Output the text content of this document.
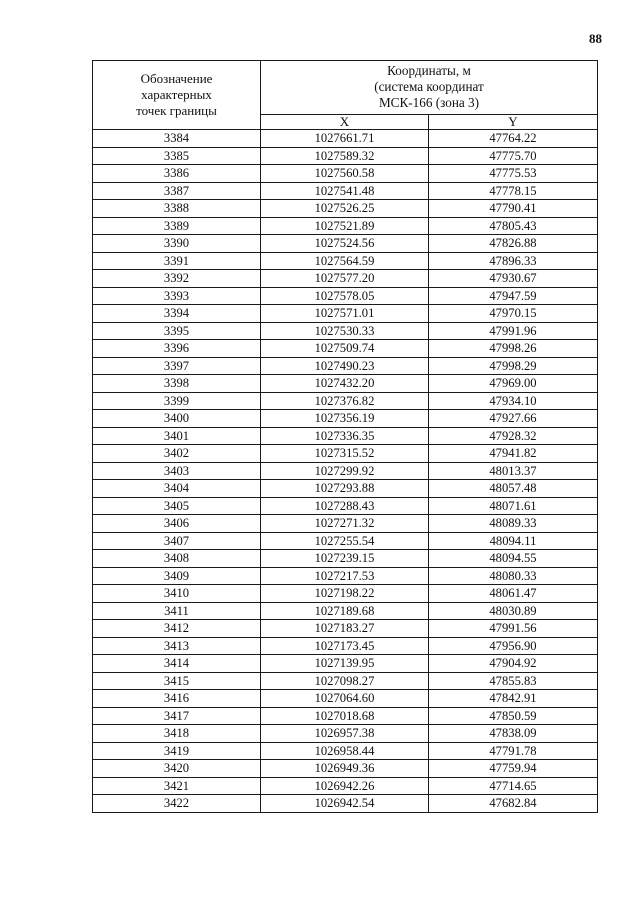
88
Обозначение
характерных
точек границы	Координаты, м
(система координат
МСК-166 (зона 3)	

	X	Y
3384	1027661.71	47764.22
3385	1027589.32	47775.70
3386	1027560.58	47775.53
3387	1027541.48	47778.15
3388	1027526.25	47790.41
3389	1027521.89	47805.43
3390	1027524.56	47826.88
3391	1027564.59	47896.33
3392	1027577.20	47930.67
3393	1027578.05	47947.59
3394	1027571.01	47970.15
3395	1027530.33	47991.96
3396	1027509.74	47998.26
3397	1027490.23	47998.29
3398	1027432.20	47969.00
3399	1027376.82	47934.10
3400	1027356.19	47927.66
3401	1027336.35	47928.32
3402	1027315.52	47941.82
3403	1027299.92	48013.37
3404	1027293.88	48057.48
3405	1027288.43	48071.61
3406	1027271.32	48089.33
3407	1027255.54	48094.11
3408	1027239.15	48094.55
3409	1027217.53	48080.33
3410	1027198.22	48061.47
3411	1027189.68	48030.89
3412	1027183.27	47991.56
3413	1027173.45	47956.90
3414	1027139.95	47904.92
3415	1027098.27	47855.83
3416	1027064.60	47842.91
3417	1027018.68	47850.59
3418	1026957.38	47838.09
3419	1026958.44	47791.78
3420	1026949.36	47759.94
3421	1026942.26	47714.65
3422	1026942.54	47682.84
